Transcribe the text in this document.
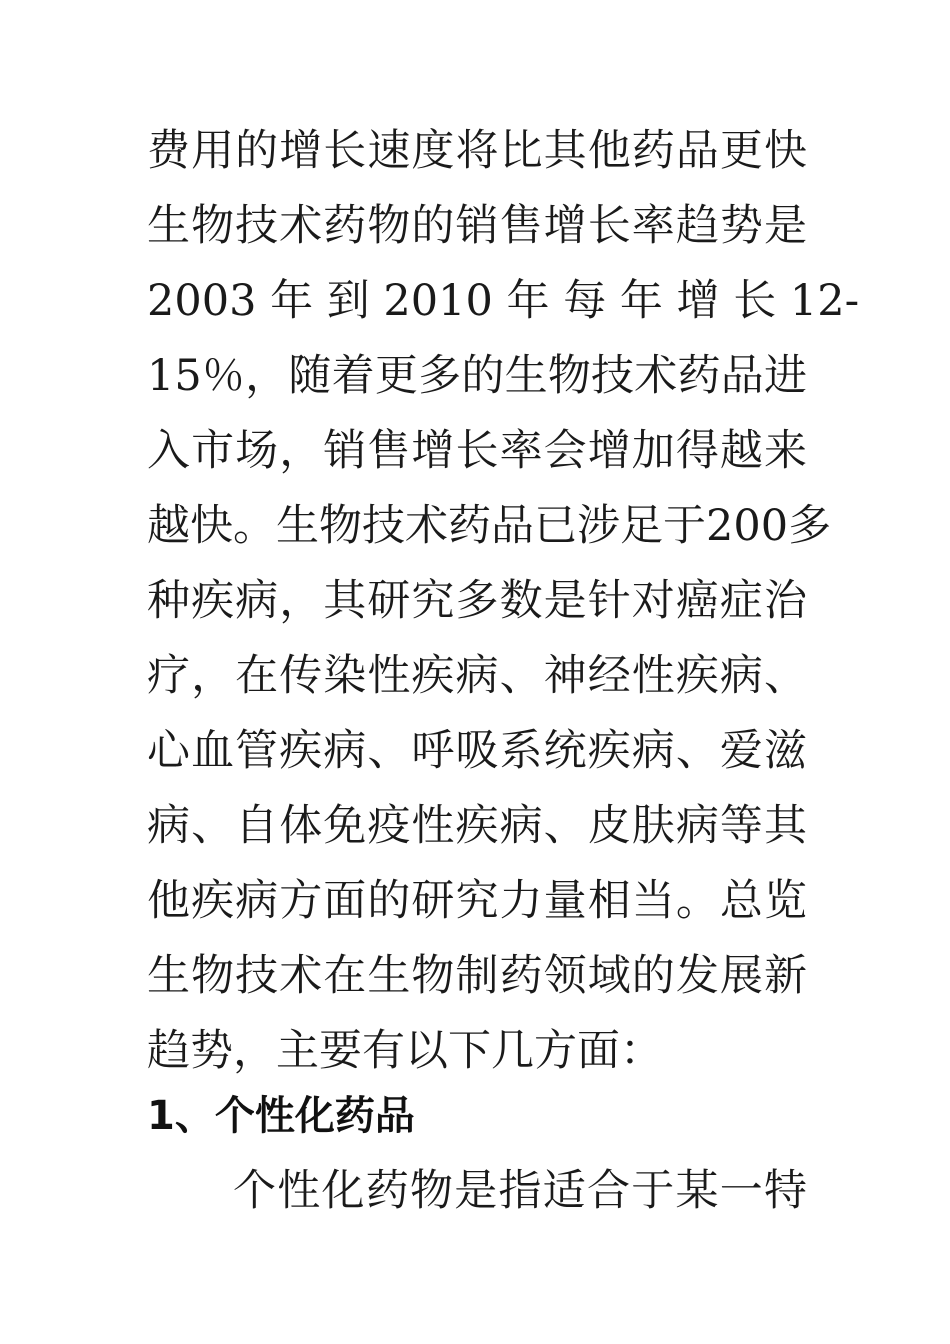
费用的增长速度将比其他药品更快
生物技术药物的销售增长率趋势是
2003 年 到 2010 年 每 年 增 长 12-
15％，随着更多的生物技术药品进
入市场，销售增长率会增加得越来
越快。生物技术药品已涉足于200多
种疾病，其研究多数是针对癌症治
疗，在传染性疾病、神经性疾病、
心血管疾病、呼吸系统疾病、爱滋
病、自体免疫性疾病、皮肤病等其
他疾病方面的研究力量相当。总览
生物技术在生物制药领域的发展新
趋势，主要有以下几方面：
1、个性化药品
个性化药物是指适合于某一特
